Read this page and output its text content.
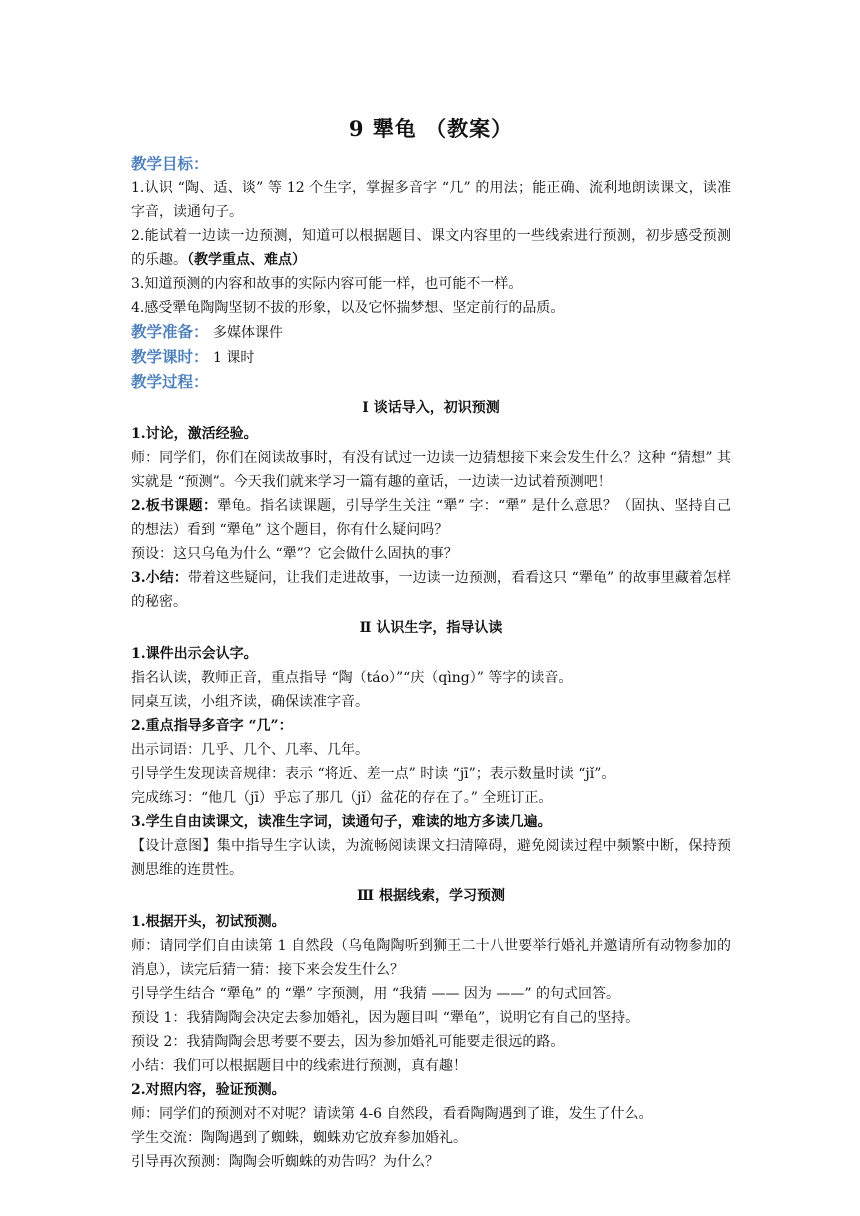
9 犟龟 （教案）
教学目标：

1.认识 “陶、适、谈” 等 12 个生字，掌握多音字 “几” 的用法；能正确、流利地朗读课文，读准字音，读通句子。

2.能试着一边读一边预测，知道可以根据题目、课文内容里的一些线索进行预测，初步感受预测的乐趣。（教学重点、难点）

3.知道预测的内容和故事的实际内容可能一样，也可能不一样。

4.感受犟龟陶陶坚韧不拔的形象，以及它怀揣梦想、坚定前行的品质。

教学准备： 多媒体课件
教学课时： 1 课时
教学过程：
Ⅰ 谈话导入，初识预测
1.讨论，激活经验。

师：同学们，你们在阅读故事时，有没有试过一边读一边猜想接下来会发生什么？这种 “猜想” 其实就是 “预测”。今天我们就来学习一篇有趣的童话，一边读一边试着预测吧！

2.板书课题：犟龟。指名读课题，引导学生关注 “犟” 字：“犟” 是什么意思？（固执、坚持自己的想法）看到 “犟龟” 这个题目，你有什么疑问吗？

预设：这只乌龟为什么 “犟”？它会做什么固执的事？

3.小结：带着这些疑问，让我们走进故事，一边读一边预测，看看这只 “犟龟” 的故事里藏着怎样的秘密。

Ⅱ 认识生字，指导认读
1.课件出示会认字。

指名认读，教师正音，重点指导 “陶（táo）”“庆（qìng）” 等字的读音。

同桌互读，小组齐读，确保读准字音。

2.重点指导多音字 “几”：

出示词语：几乎、几个、几率、几年。

引导学生发现读音规律：表示 “将近、差一点” 时读 “jī”；表示数量时读 “jǐ”。

完成练习：“他几（jī）乎忘了那几（jǐ）盆花的存在了。” 全班订正。

3.学生自由读课文，读准生字词，读通句子，难读的地方多读几遍。

【设计意图】集中指导生字认读，为流畅阅读课文扫清障碍，避免阅读过程中频繁中断，保持预测思维的连贯性。

Ⅲ 根据线索，学习预测
1.根据开头，初试预测。

师：请同学们自由读第 1 自然段（乌龟陶陶听到狮王二十八世要举行婚礼并邀请所有动物参加的消息），读完后猜一猜：接下来会发生什么？

引导学生结合 “犟龟” 的 “犟” 字预测，用 “我猜 —— 因为 ——” 的句式回答。

预设 1：我猜陶陶会决定去参加婚礼，因为题目叫 “犟龟”，说明它有自己的坚持。

预设 2：我猜陶陶会思考要不要去，因为参加婚礼可能要走很远的路。

小结：我们可以根据题目中的线索进行预测，真有趣！

2.对照内容，验证预测。

师：同学们的预测对不对呢？请读第 4-6 自然段，看看陶陶遇到了谁，发生了什么。

学生交流：陶陶遇到了蜘蛛，蜘蛛劝它放弃参加婚礼。

引导再次预测：陶陶会听蜘蛛的劝告吗？为什么？
